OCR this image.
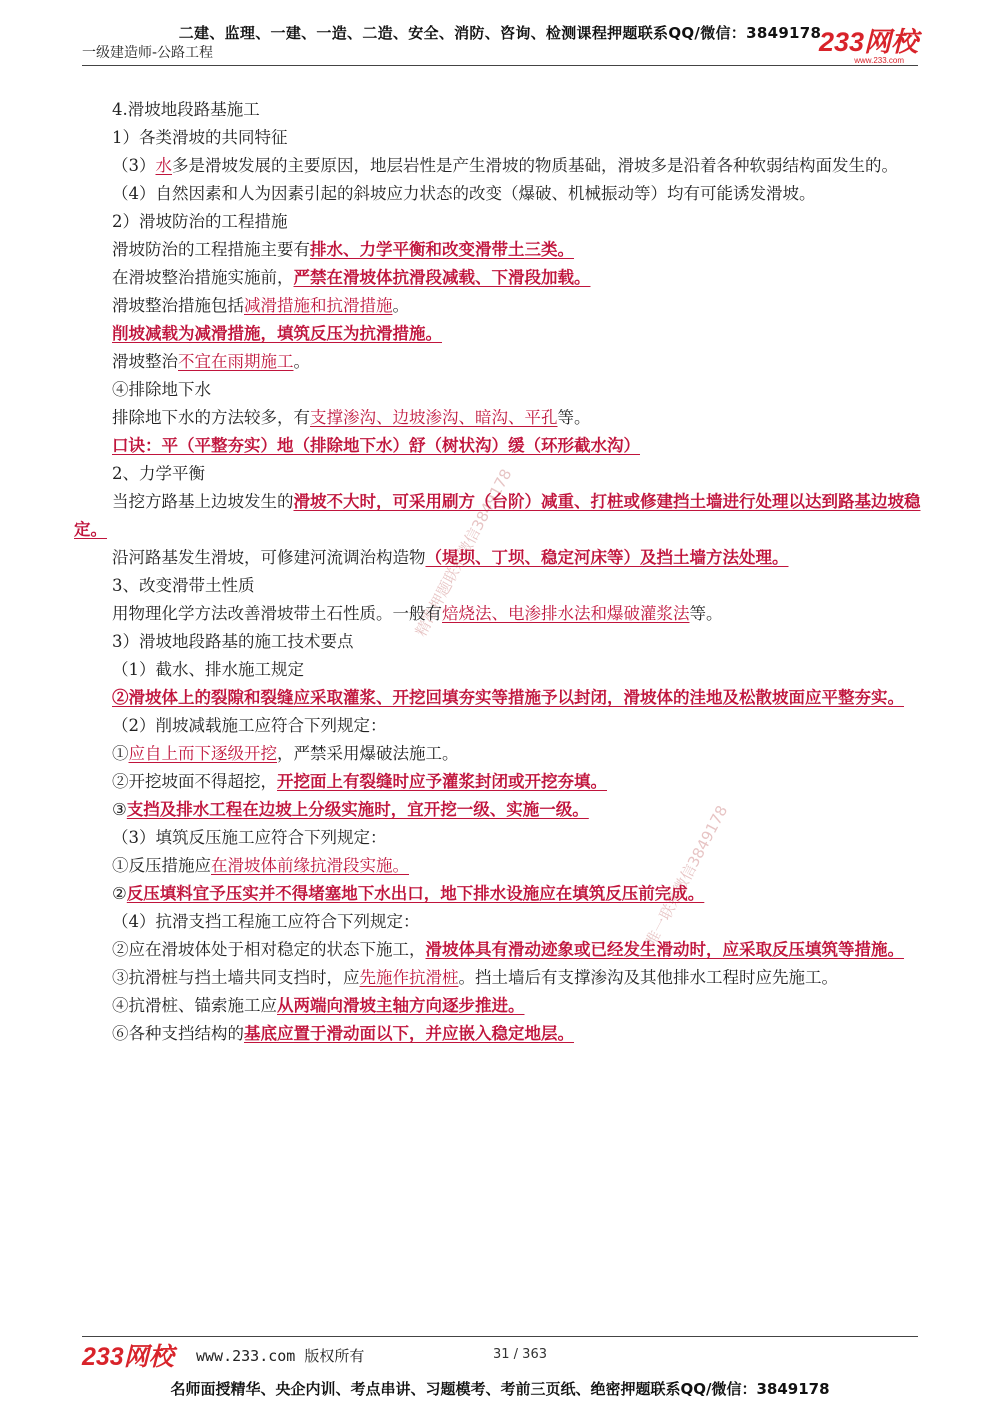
二建、监理、一建、一造、二造、安全、消防、咨询、检测课程押题联系QQ/微信：3849178
一级建造师-公路工程	233网校
www.233.com
精准押题联系微信3849178
唯一联系微信3849178

4.滑坡地段路基施工

1）各类滑坡的共同特征

（3）水多是滑坡发展的主要原因，地层岩性是产生滑坡的物质基础，滑坡多是沿着各种软弱结构面发生的。

（4）自然因素和人为因素引起的斜坡应力状态的改变（爆破、机械振动等）均有可能诱发滑坡。

2）滑坡防治的工程措施

滑坡防治的工程措施主要有排水、力学平衡和改变滑带土三类。

在滑坡整治措施实施前，严禁在滑坡体抗滑段减载、下滑段加载。

滑坡整治措施包括减滑措施和抗滑措施。

削坡减载为减滑措施，填筑反压为抗滑措施。

滑坡整治不宜在雨期施工。

④排除地下水

排除地下水的方法较多，有支撑渗沟、边坡渗沟、暗沟、平孔等。

口诀：平（平整夯实）地（排除地下水）舒（树状沟）缓（环形截水沟）

2、力学平衡

当挖方路基上边坡发生的滑坡不大时，可采用刷方（台阶）减重、打桩或修建挡土墙进行处理以达到路基边坡稳定。

沿河路基发生滑坡，可修建河流调治构造物（堤坝、丁坝、稳定河床等）及挡土墙方法处理。

3、改变滑带土性质

用物理化学方法改善滑坡带土石性质。一般有焙烧法、电渗排水法和爆破灌浆法等。

3）滑坡地段路基的施工技术要点

（1）截水、排水施工规定

②滑坡体上的裂隙和裂缝应采取灌浆、开挖回填夯实等措施予以封闭，滑坡体的洼地及松散坡面应平整夯实。

（2）削坡减载施工应符合下列规定：

①应自上而下逐级开挖，严禁采用爆破法施工。

②开挖坡面不得超挖，开挖面上有裂缝时应予灌浆封闭或开挖夯填。

③支挡及排水工程在边坡上分级实施时，宜开挖一级、实施一级。

（3）填筑反压施工应符合下列规定：

①反压措施应在滑坡体前缘抗滑段实施。

②反压填料宜予压实并不得堵塞地下水出口，地下排水设施应在填筑反压前完成。

（4）抗滑支挡工程施工应符合下列规定：

②应在滑坡体处于相对稳定的状态下施工，滑坡体具有滑动迹象或已经发生滑动时，应采取反压填筑等措施。

③抗滑桩与挡土墙共同支挡时，应先施作抗滑桩。挡土墙后有支撑渗沟及其他排水工程时应先施工。

④抗滑桩、锚索施工应从两端向滑坡主轴方向逐步推进。

⑥各种支挡结构的基底应置于滑动面以下，并应嵌入稳定地层。

233网校 www.233.com 版权所有	31 / 363
名师面授精华、央企内训、考点串讲、习题模考、考前三页纸、绝密押题联系QQ/微信：3849178
